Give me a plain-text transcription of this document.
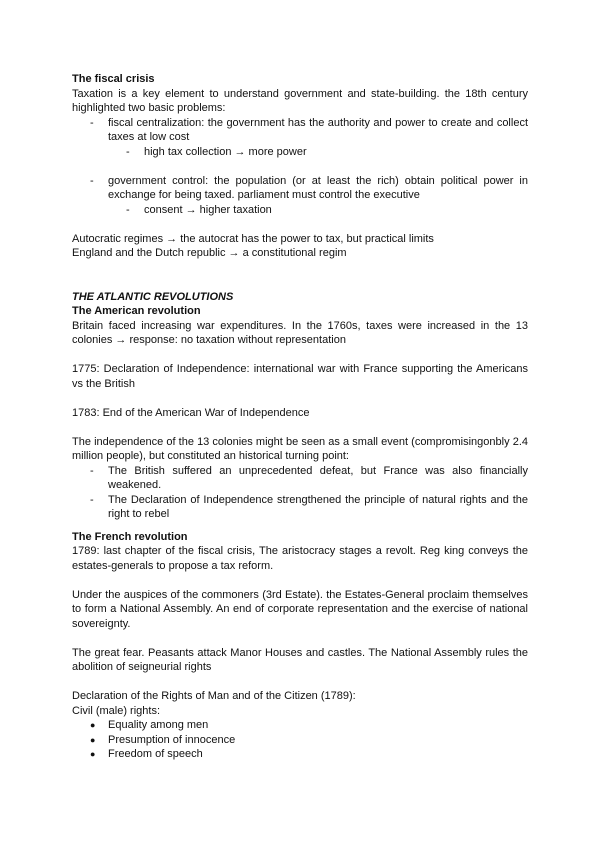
The fiscal crisis
Taxation is a key element to understand government and state-building. the 18th century highlighted two basic problems:
-	fiscal centralization: the government has the authority and power to create and collect taxes at low cost
-	high tax collection → more power
-	government control: the population (or at least the rich) obtain political power in exchange for being taxed. parliament must control the executive
-	consent → higher taxation
Autocratic regimes → the autocrat has the power to tax, but practical limits
England and the Dutch republic → a constitutional regim
THE ATLANTIC REVOLUTIONS
The American revolution
Britain faced increasing war expenditures. In the 1760s, taxes were increased in the 13 colonies → response: no taxation without representation
1775: Declaration of Independence: international war with France supporting the Americans vs the British
1783: End of the American War of Independence
The independence of the 13 colonies might be seen as a small event (compromisingonbly 2.4 million people), but constituted an historical turning point:
-	The British suffered an unprecedented defeat, but France was also financially weakened.
-	The Declaration of Independence strengthened the principle of natural rights and the right to rebel
The French revolution
1789: last chapter of the fiscal crisis, The aristocracy stages a revolt. Reg king conveys the estates-generals to propose a tax reform.
Under the auspices of the commoners (3rd Estate). the Estates-General proclaim themselves to form a National Assembly. An end of corporate representation and the exercise of national sovereignty.
The great fear. Peasants attack Manor Houses and castles. The National Assembly rules the abolition of seigneurial rights
Declaration of the Rights of Man and of the Citizen (1789):
Civil (male) rights:
●	Equality among men
●	Presumption of innocence
●	Freedom of speech
